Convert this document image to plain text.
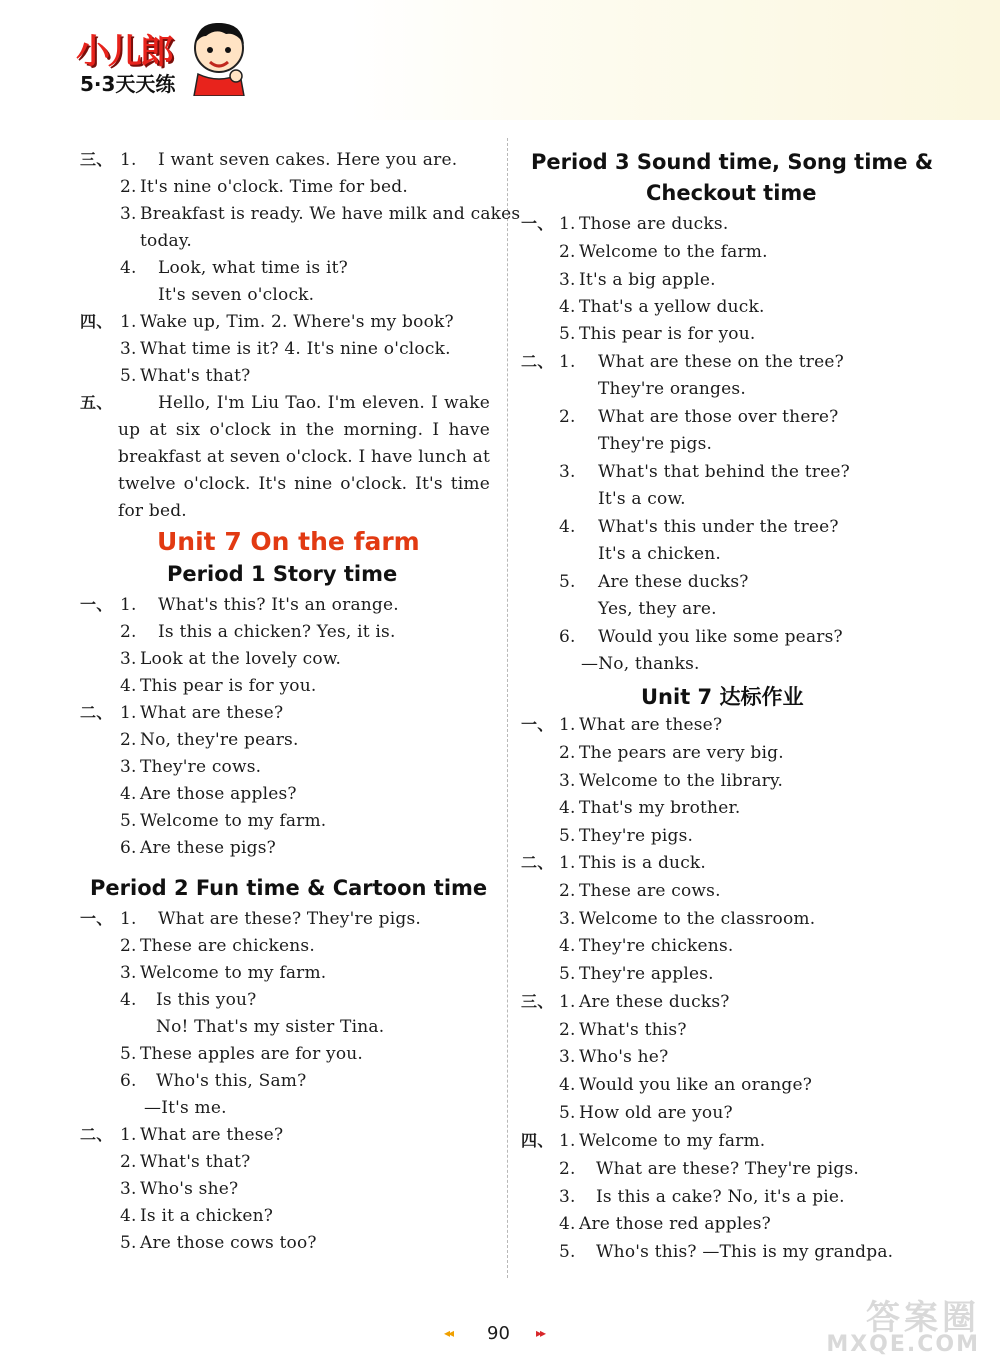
小儿郎
5·3天天练
三、 1. I want seven cakes. Here you are.
2. It's nine o'clock. Time for bed.
3. Breakfast is ready. We have milk and cakes
today.
4. Look, what time is it?
It's seven o'clock.
四、 1. Wake up, Tim. 2. Where's my book?
3. What time is it? 4. It's nine o'clock.
5. What's that?
五、	Hello, I'm Liu Tao. I'm eleven. I wake
up at six o'clock in the morning. I have
breakfast at seven o'clock. I have lunch at
twelve o'clock. It's nine o'clock. It's time
for bed.
Unit 7 On the farm
Period 1 Story time
一、 1. What's this? It's an orange.
2. Is this a chicken? Yes, it is.
3. Look at the lovely cow.
4. This pear is for you.
二、 1. What are these?
2. No, they're pears.
3. They're cows.
4. Are those apples?
5. Welcome to my farm.
6. Are these pigs?
Period 2 Fun time & Cartoon time
一、 1. What are these? They're pigs.
2. These are chickens.
3. Welcome to my farm.
4. Is this you?
No! That's my sister Tina.
5. These apples are for you.
6. Who's this, Sam?
—It's me.
二、 1. What are these?
2. What's that?
3. Who's she?
4. Is it a chicken?
5. Are those cows too?
Period 3 Sound time, Song time &
Checkout time
一、 1. Those are ducks.
2. Welcome to the farm.
3. It's a big apple.
4. That's a yellow duck.
5. This pear is for you.
二、 1. What are these on the tree?
They're oranges.
2. What are those over there?
They're pigs.
3. What's that behind the tree?
It's a cow.
4. What's this under the tree?
It's a chicken.
5. Are these ducks?
Yes, they are.
6. Would you like some pears?
—No, thanks.
Unit 7 达标作业
一、 1. What are these?
2. The pears are very big.
3. Welcome to the library.
4. That's my brother.
5. They're pigs.
二、 1. This is a duck.
2. These are cows.
3. Welcome to the classroom.
4. They're chickens.
5. They're apples.
三、 1. Are these ducks?
2. What's this?
3. Who's he?
4. Would you like an orange?
5. How old are you?
四、 1. Welcome to my farm.
2. What are these? They're pigs.
3. Is this a cake? No, it's a pie.
4. Are those red apples?
5. Who's this? —This is my grandpa.
◂◂ 90 ▸▸	答案圈
MXQE.COM
